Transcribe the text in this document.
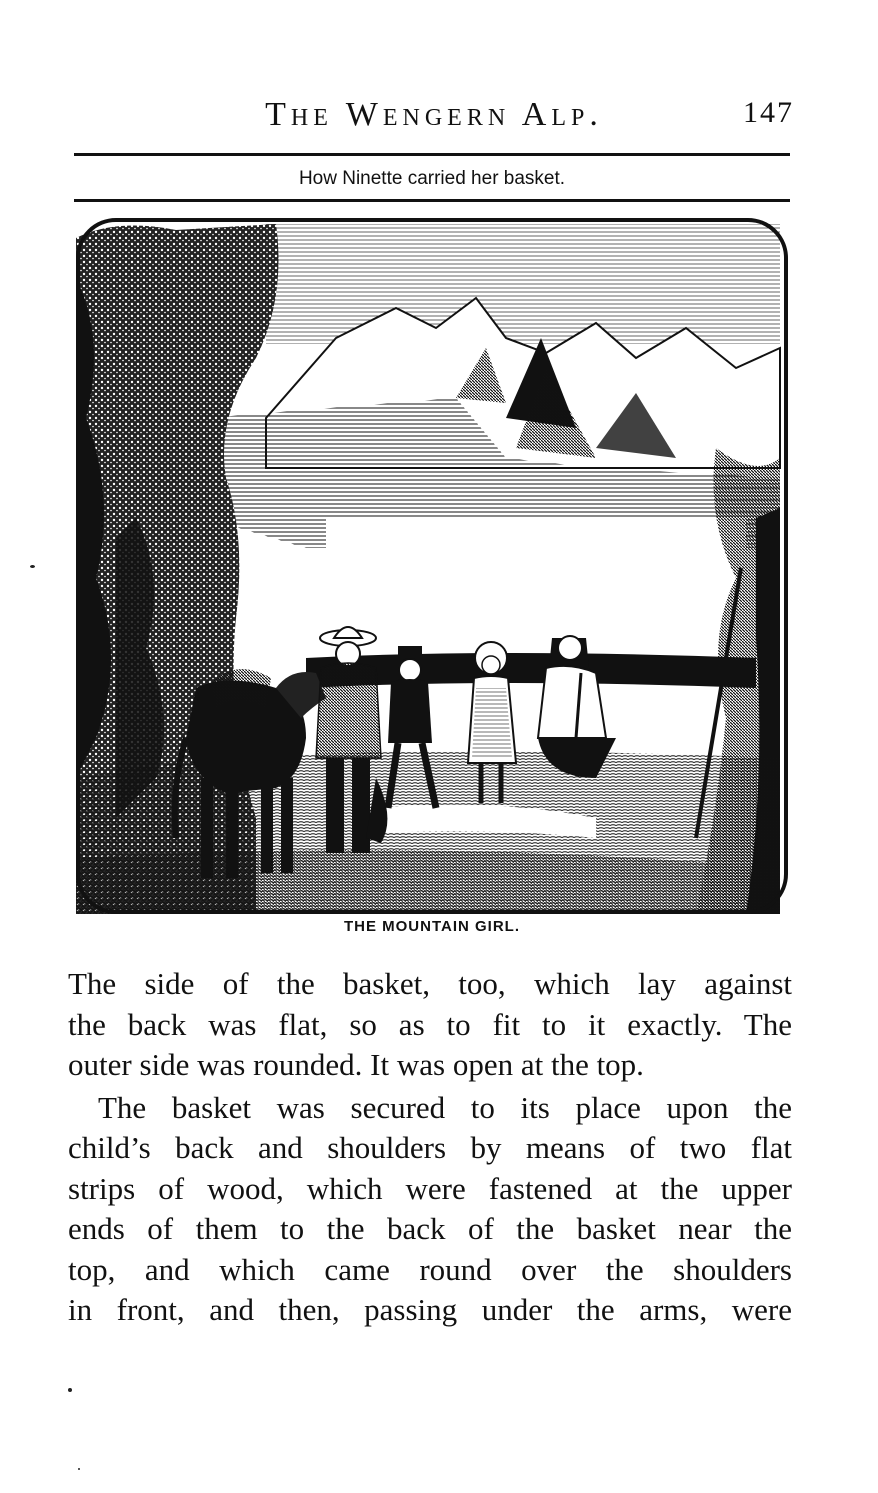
The Wengern Alp.	147
How Ninette carried her basket.
THE MOUNTAIN GIRL.
The side of the basket, too, which lay against
the back was flat, so as to fit to it exactly. The
outer side was rounded. It was open at the top.
The basket was secured to its place upon the
child’s back and shoulders by means of two flat
strips of wood, which were fastened at the upper
ends of them to the back of the basket near the
top, and which came round over the shoulders
in front, and then, passing under the arms, were
